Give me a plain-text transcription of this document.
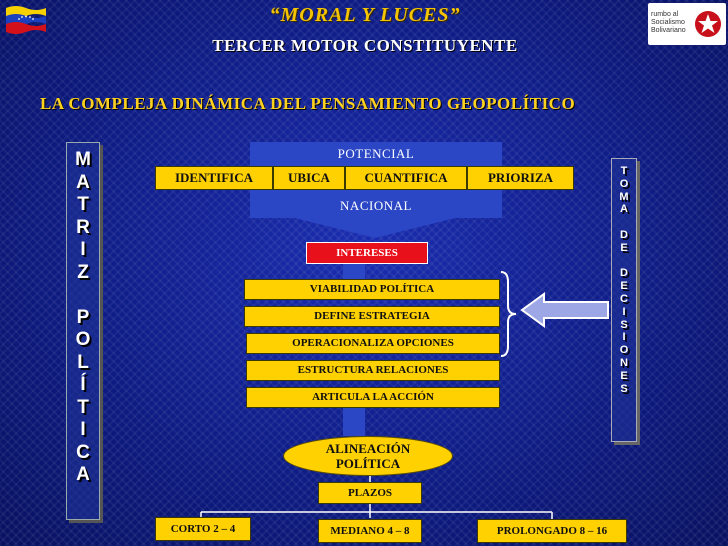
rumbo al Socialismo Bolivariano
“MORAL Y LUCES”
TERCER MOTOR CONSTITUYENTE
LA COMPLEJA DINÁMICA DEL PENSAMIENTO GEOPOLÍTICO
M
A
T
R
I
Z

P
O
L
Í
T
I
C
A
T
O
M
A

D
E

D
E
C
I
S
I
O
N
E
S
POTENCIAL
NACIONAL
IDENTIFICA	UBICA	CUANTIFICA	PRIORIZA
INTERESES
VIABILIDAD POLÍTICA
DEFINE ESTRATEGIA
OPERACIONALIZA OPCIONES
ESTRUCTURA RELACIONES
ARTICULA LA ACCIÓN
ALINEACIÓN
POLÍTICA
PLAZOS
CORTO 2 – 4	MEDIANO 4 – 8	PROLONGADO 8 – 16
